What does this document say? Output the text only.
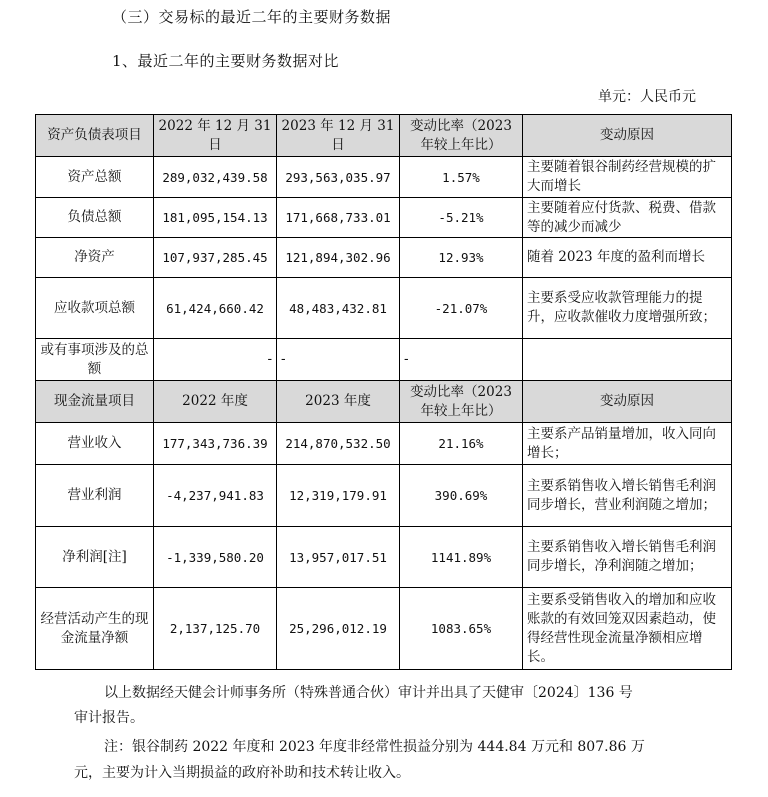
（三）交易标的最近二年的主要财务数据
1、最近二年的主要财务数据对比
单元：人民币元
资产负债表项目	2022 年 12 月 31 日	2023 年 12 月 31 日	变动比率（2023 年较上年比）	变动原因
资产总额	289,032,439.58	293,563,035.97	1.57%	主要随着银谷制药经营规模的扩大而增长
负债总额	181,095,154.13	171,668,733.01	-5.21%	主要随着应付货款、税费、借款等的减少而减少
净资产	107,937,285.45	121,894,302.96	12.93%	随着 2023 年度的盈利而增长
应收款项总额	61,424,660.42	48,483,432.81	-21.07%	主要系受应收款管理能力的提升，应收款催收力度增强所致；
或有事项涉及的总额	-	-	-	
现金流量项目	2022 年度	2023 年度	变动比率（2023 年较上年比）	变动原因
营业收入	177,343,736.39	214,870,532.50	21.16%	主要系产品销量增加，收入同向增长；
营业利润	-4,237,941.83	12,319,179.91	390.69%	主要系销售收入增长销售毛利润同步增长，营业利润随之增加；
净利润[注]	-1,339,580.20	13,957,017.51	1141.89%	主要系销售收入增长销售毛利润同步增长，净利润随之增加；
经营活动产生的现金流量净额	2,137,125.70	25,296,012.19	1083.65%	主要系受销售收入的增加和应收账款的有效回笼双因素趋动，使得经营性现金流量净额相应增长。
以上数据经天健会计师事务所（特殊普通合伙）审计并出具了天健审〔2024〕136 号
审计报告。
注：银谷制药 2022 年度和 2023 年度非经常性损益分别为 444.84 万元和 807.86 万
元，主要为计入当期损益的政府补助和技术转让收入。
